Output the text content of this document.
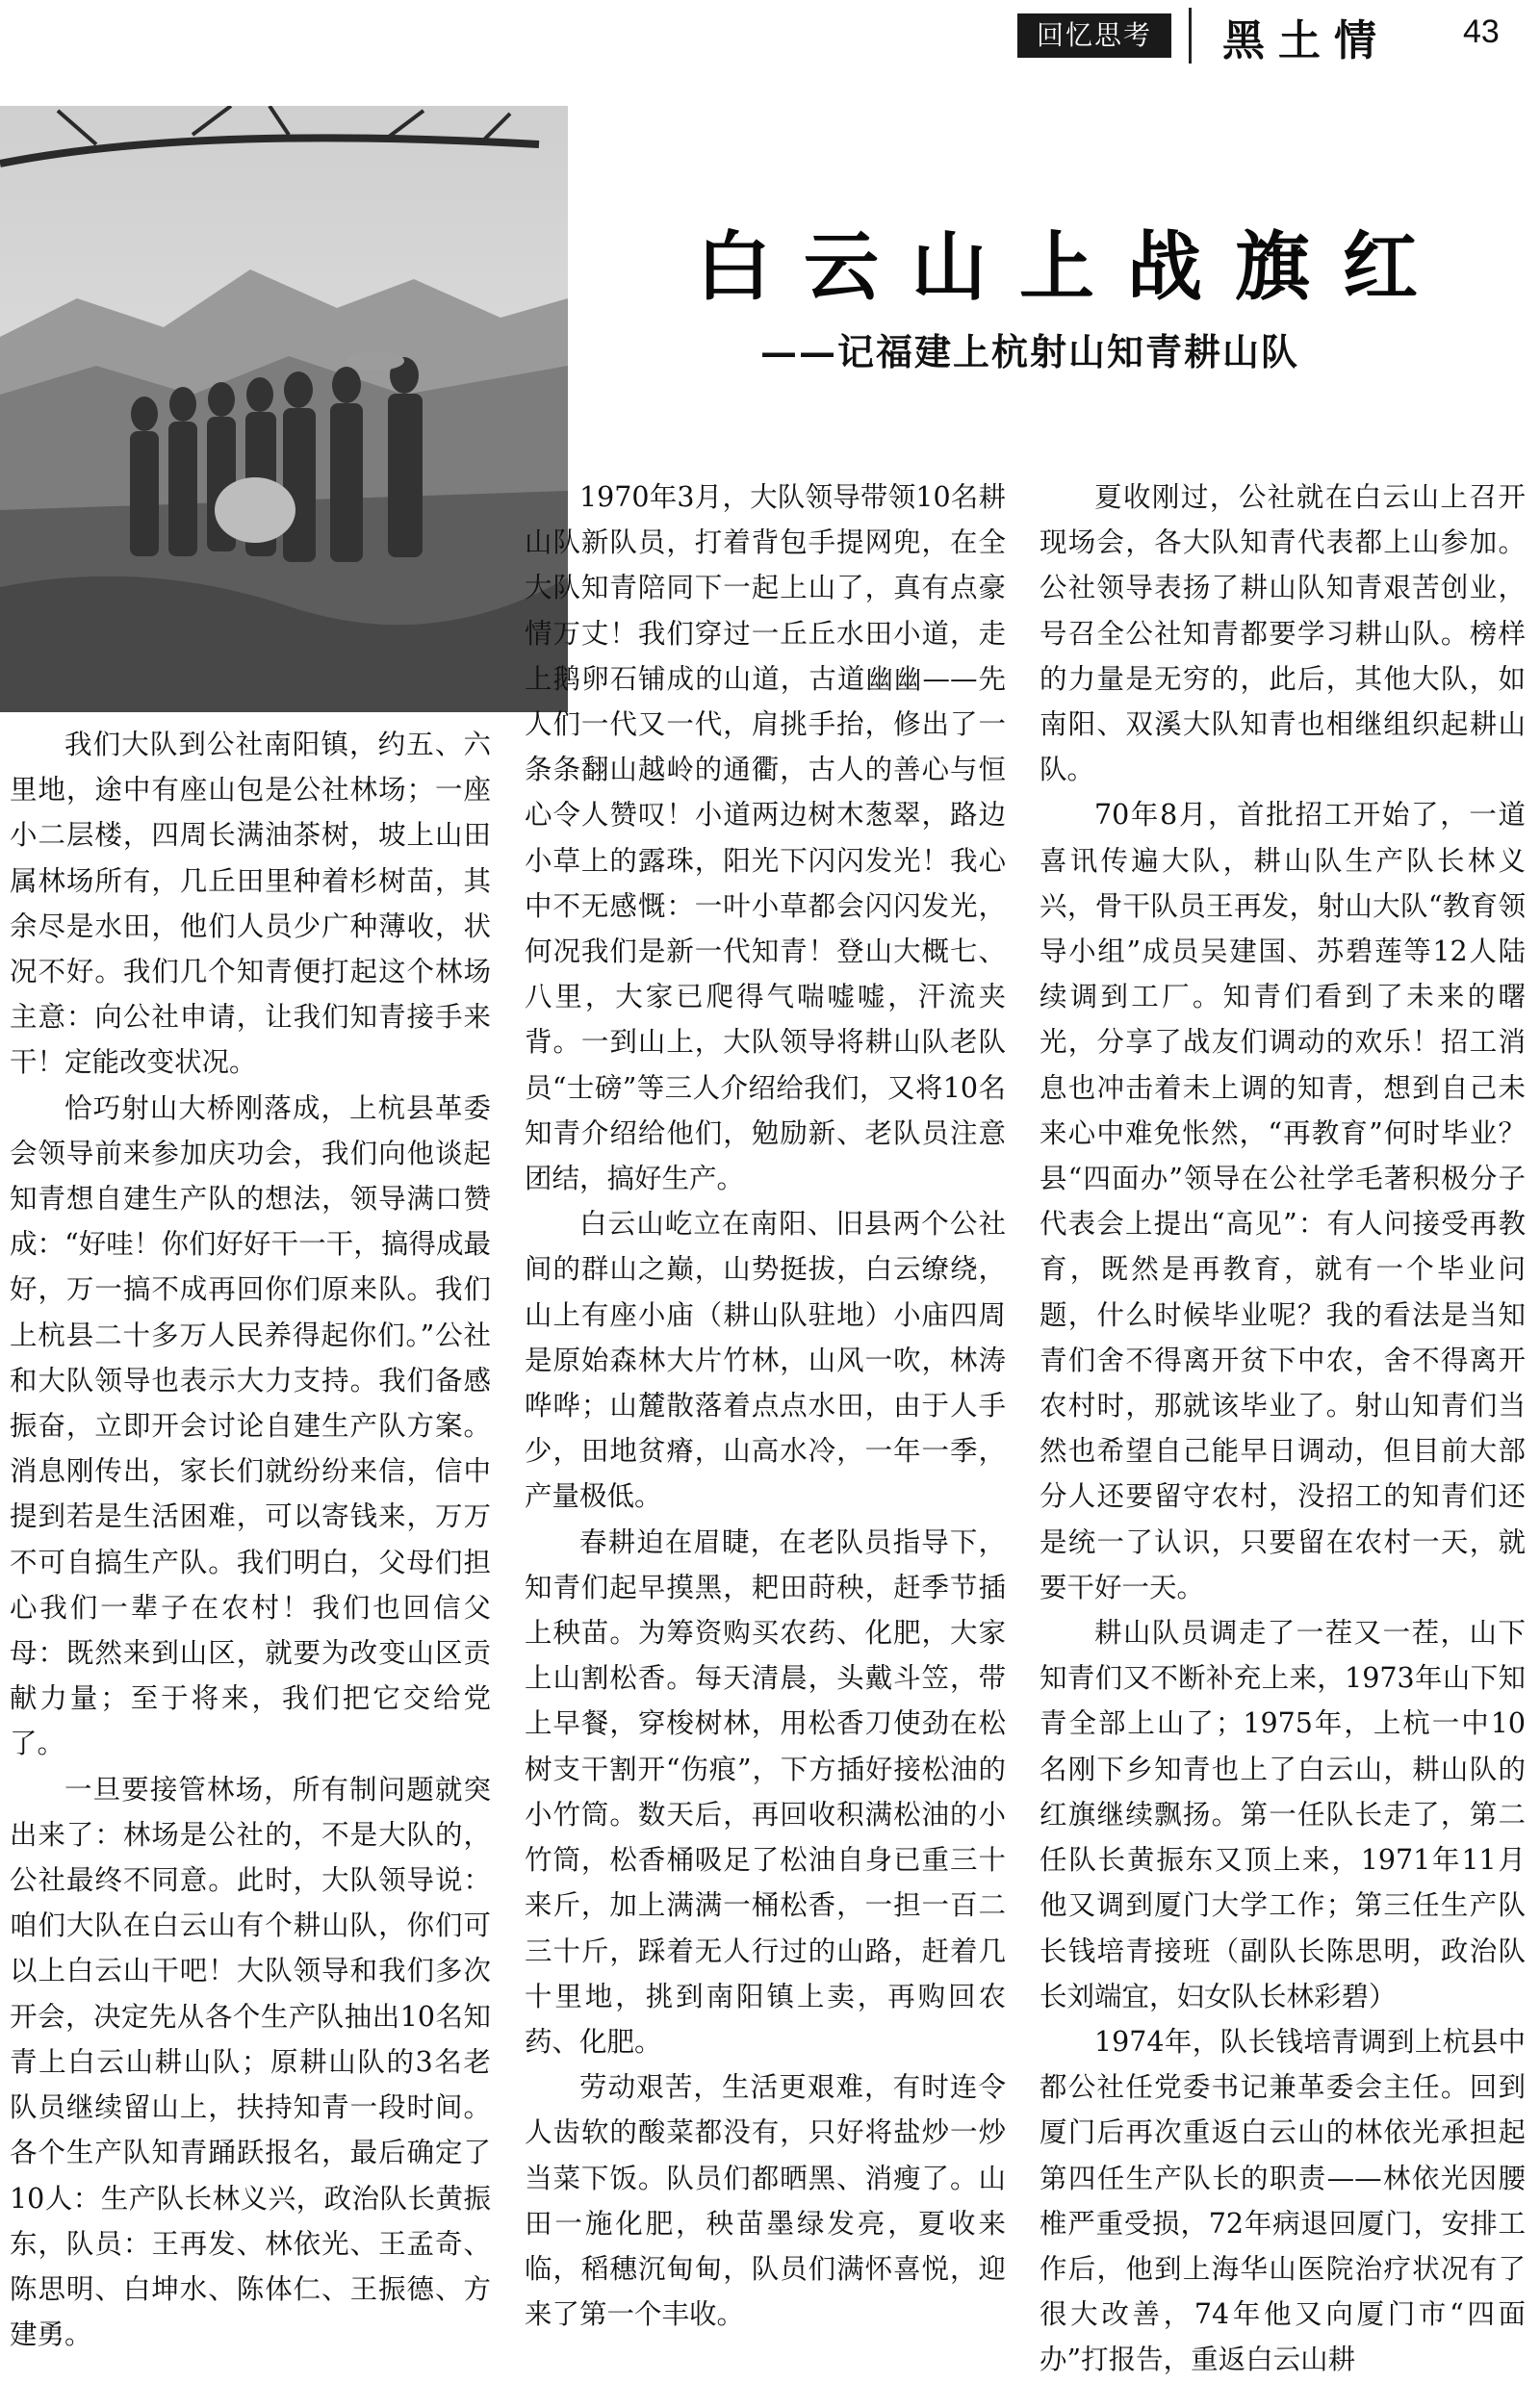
回忆思考	黑土情 43
白云山上战旗红
——记福建上杭射山知青耕山队

我们大队到公社南阳镇，约五、六里地，途中有座山包是公社林场；一座小二层楼，四周长满油茶树，坡上山田属林场所有，几丘田里种着杉树苗，其余尽是水田，他们人员少广种薄收，状况不好。我们几个知青便打起这个林场主意：向公社申请，让我们知青接手来干！定能改变状况。

恰巧射山大桥刚落成，上杭县革委会领导前来参加庆功会，我们向他谈起知青想自建生产队的想法，领导满口赞成：“好哇！你们好好干一干，搞得成最好，万一搞不成再回你们原来队。我们上杭县二十多万人民养得起你们。”公社和大队领导也表示大力支持。我们备感振奋，立即开会讨论自建生产队方案。消息刚传出，家长们就纷纷来信，信中提到若是生活困难，可以寄钱来，万万不可自搞生产队。我们明白，父母们担心我们一辈子在农村！我们也回信父母：既然来到山区，就要为改变山区贡献力量；至于将来，我们把它交给党了。

一旦要接管林场，所有制问题就突出来了：林场是公社的，不是大队的，公社最终不同意。此时，大队领导说：咱们大队在白云山有个耕山队，你们可以上白云山干吧！大队领导和我们多次开会，决定先从各个生产队抽出10名知青上白云山耕山队；原耕山队的3名老队员继续留山上，扶持知青一段时间。各个生产队知青踊跃报名，最后确定了10人：生产队长林义兴，政治队长黄振东，队员：王再发、林依光、王孟奇、陈思明、白坤水、陈体仁、王振德、方建勇。

1970年3月，大队领导带领10名耕山队新队员，打着背包手提网兜，在全大队知青陪同下一起上山了，真有点豪情万丈！我们穿过一丘丘水田小道，走上鹅卵石铺成的山道，古道幽幽——先人们一代又一代，肩挑手抬，修出了一条条翻山越岭的通衢，古人的善心与恒心令人赞叹！小道两边树木葱翠，路边小草上的露珠，阳光下闪闪发光！我心中不无感慨：一叶小草都会闪闪发光，何况我们是新一代知青！登山大概七、八里，大家已爬得气喘嘘嘘，汗流夹背。一到山上，大队领导将耕山队老队员“士磅”等三人介绍给我们，又将10名知青介绍给他们，勉励新、老队员注意团结，搞好生产。

白云山屹立在南阳、旧县两个公社间的群山之巅，山势挺拔，白云缭绕，山上有座小庙（耕山队驻地）小庙四周是原始森林大片竹林，山风一吹，林涛哗哗；山麓散落着点点水田，由于人手少，田地贫瘠，山高水冷，一年一季，产量极低。

春耕迫在眉睫，在老队员指导下，知青们起早摸黑，耙田莳秧，赶季节插上秧苗。为筹资购买农药、化肥，大家上山割松香。每天清晨，头戴斗笠，带上早餐，穿梭树林，用松香刀使劲在松树支干割开“伤痕”，下方插好接松油的小竹筒。数天后，再回收积满松油的小竹筒，松香桶吸足了松油自身已重三十来斤，加上满满一桶松香，一担一百二三十斤，踩着无人行过的山路，赶着几十里地，挑到南阳镇上卖，再购回农药、化肥。

劳动艰苦，生活更艰难，有时连令人齿软的酸菜都没有，只好将盐炒一炒当菜下饭。队员们都晒黑、消瘦了。山田一施化肥，秧苗墨绿发亮，夏收来临，稻穗沉甸甸，队员们满怀喜悦，迎来了第一个丰收。

夏收刚过，公社就在白云山上召开现场会，各大队知青代表都上山参加。公社领导表扬了耕山队知青艰苦创业，号召全公社知青都要学习耕山队。榜样的力量是无穷的，此后，其他大队，如南阳、双溪大队知青也相继组织起耕山队。

70年8月，首批招工开始了，一道喜讯传遍大队，耕山队生产队长林义兴，骨干队员王再发，射山大队“教育领导小组”成员吴建国、苏碧莲等12人陆续调到工厂。知青们看到了未来的曙光，分享了战友们调动的欢乐！招工消息也冲击着未上调的知青，想到自己未来心中难免怅然，“再教育”何时毕业？县“四面办”领导在公社学毛著积极分子代表会上提出“高见”：有人问接受再教育，既然是再教育，就有一个毕业问题，什么时候毕业呢？我的看法是当知青们舍不得离开贫下中农，舍不得离开农村时，那就该毕业了。射山知青们当然也希望自己能早日调动，但目前大部分人还要留守农村，没招工的知青们还是统一了认识，只要留在农村一天，就要干好一天。

耕山队员调走了一茬又一茬，山下知青们又不断补充上来，1973年山下知青全部上山了；1975年，上杭一中10名刚下乡知青也上了白云山，耕山队的红旗继续飘扬。第一任队长走了，第二任队长黄振东又顶上来，1971年11月他又调到厦门大学工作；第三任生产队长钱培青接班（副队长陈思明，政治队长刘端宜，妇女队长林彩碧）

1974年，队长钱培青调到上杭县中都公社任党委书记兼革委会主任。回到厦门后再次重返白云山的林依光承担起第四任生产队长的职责——林依光因腰椎严重受损，72年病退回厦门，安排工作后，他到上海华山医院治疗状况有了很大改善，74年他又向厦门市“四面办”打报告，重返白云山耕
